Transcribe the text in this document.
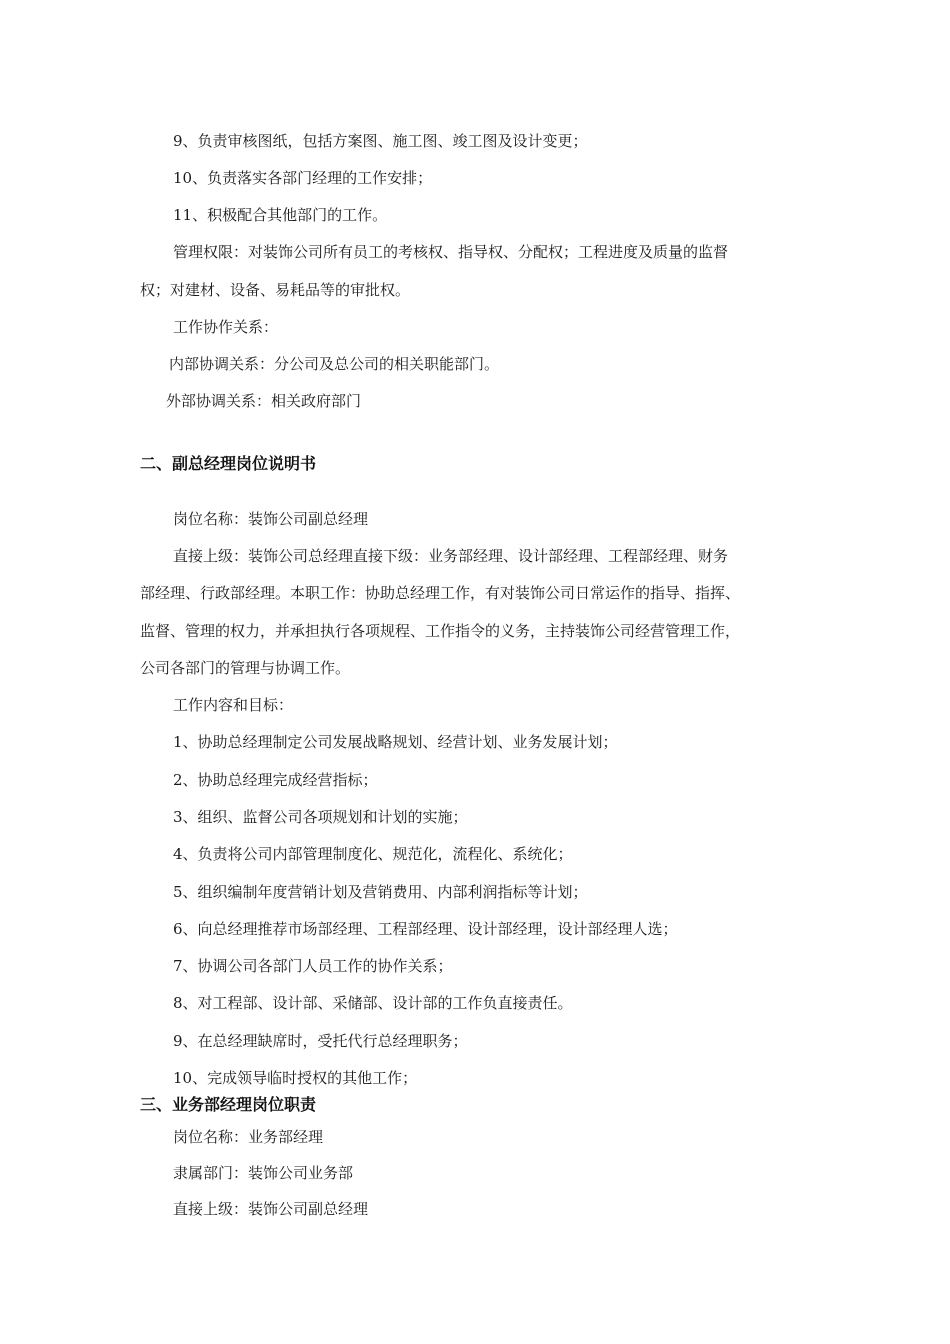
9、负责审核图纸，包括方案图、施工图、竣工图及设计变更；
10、负责落实各部门经理的工作安排；
11、积极配合其他部门的工作。
管理权限：对装饰公司所有员工的考核权、指导权、分配权；工程进度及质量的监督
权；对建材、设备、易耗品等的审批权。
工作协作关系：
内部协调关系：分公司及总公司的相关职能部门。
外部协调关系：相关政府部门
二、副总经理岗位说明书
岗位名称：装饰公司副总经理
直接上级：装饰公司总经理直接下级：业务部经理、设计部经理、工程部经理、财务
部经理、行政部经理。本职工作：协助总经理工作，有对装饰公司日常运作的指导、指挥、
监督、管理的权力，并承担执行各项规程、工作指令的义务，主持装饰公司经营管理工作，
公司各部门的管理与协调工作。
工作内容和目标：
1、协助总经理制定公司发展战略规划、经营计划、业务发展计划；
2、协助总经理完成经营指标；
3、组织、监督公司各项规划和计划的实施；
4、负责将公司内部管理制度化、规范化，流程化、系统化；
5、组织编制年度营销计划及营销费用、内部利润指标等计划；
6、向总经理推荐市场部经理、工程部经理、设计部经理，设计部经理人选；
7、协调公司各部门人员工作的协作关系；
8、对工程部、设计部、采储部、设计部的工作负直接责任。
9、在总经理缺席时，受托代行总经理职务；
10、完成领导临时授权的其他工作；
三、业务部经理岗位职责
岗位名称：业务部经理
隶属部门：装饰公司业务部
直接上级：装饰公司副总经理
